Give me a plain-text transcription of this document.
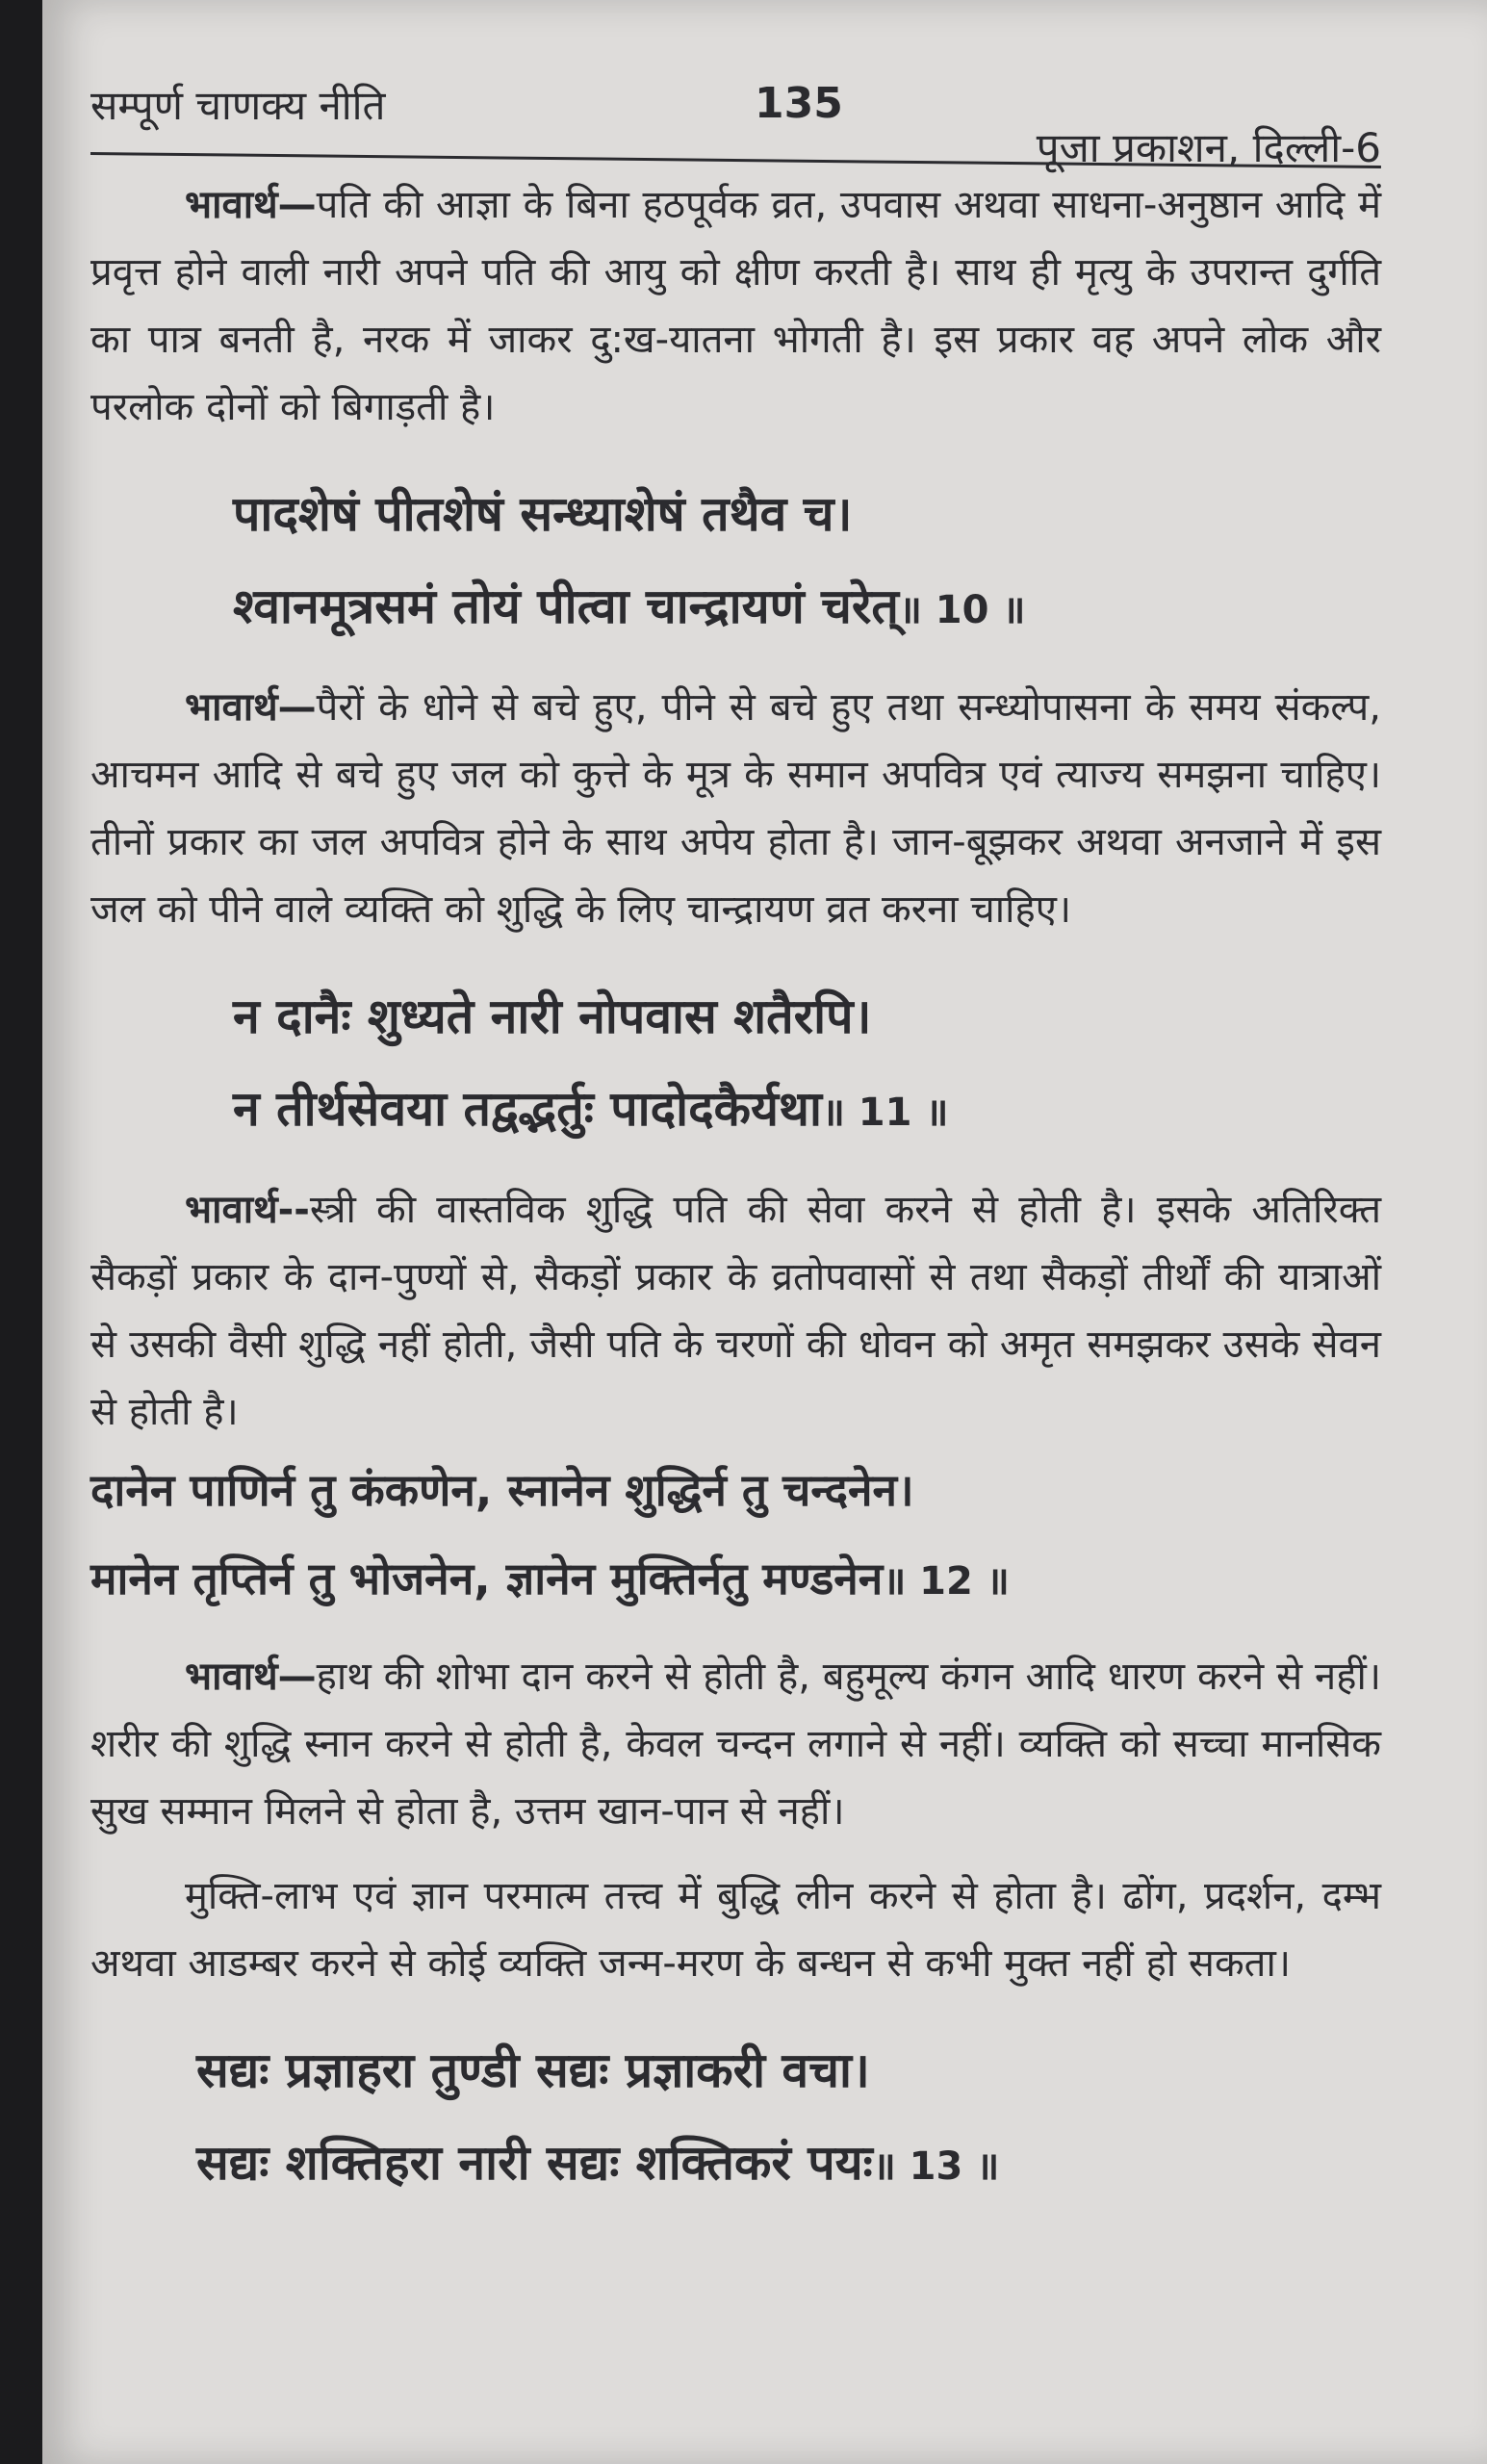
सम्पूर्ण चाणक्य नीति	135
पूजा प्रकाशन, दिल्ली-6

भावार्थ—पति की आज्ञा के बिना हठपूर्वक व्रत, उपवास अथवा साधना-अनुष्ठान आदि में प्रवृत्त होने वाली नारी अपने पति की आयु को क्षीण करती है। साथ ही मृत्यु के उपरान्त दुर्गति का पात्र बनती है, नरक में जाकर दु:ख-यातना भोगती है। इस प्रकार वह अपने लोक और परलोक दोनों को बिगाड़ती है।

पादशेषं पीतशेषं सन्ध्याशेषं तथैव च।
श्वानमूत्रसमं तोयं पीत्वा चान्द्रायणं चरेत्॥ 10 ॥

भावार्थ—पैरों के धोने से बचे हुए, पीने से बचे हुए तथा सन्ध्योपासना के समय संकल्प, आचमन आदि से बचे हुए जल को कुत्ते के मूत्र के समान अपवित्र एवं त्याज्य समझना चाहिए। तीनों प्रकार का जल अपवित्र होने के साथ अपेय होता है। जान-बूझकर अथवा अनजाने में इस जल को पीने वाले व्यक्ति को शुद्धि के लिए चान्द्रायण व्रत करना चाहिए।

न दानैः शुध्यते नारी नोपवास शतैरपि।
न तीर्थसेवया तद्वद्भर्तुः पादोदकैर्यथा॥ 11 ॥

भावार्थ--स्त्री की वास्तविक शुद्धि पति की सेवा करने से होती है। इसके अतिरिक्त सैकड़ों प्रकार के दान-पुण्यों से, सैकड़ों प्रकार के व्रतोपवासों से तथा सैकड़ों तीर्थों की यात्राओं से उसकी वैसी शुद्धि नहीं होती, जैसी पति के चरणों की धोवन को अमृत समझकर उसके सेवन से होती है।

दानेन पाणिर्न तु कंकणेन, स्नानेन शुद्धिर्न तु चन्दनेन।
मानेन तृप्तिर्न तु भोजनेन, ज्ञानेन मुक्तिर्नतु मण्डनेन॥ 12 ॥

भावार्थ—हाथ की शोभा दान करने से होती है, बहुमूल्य कंगन आदि धारण करने से नहीं। शरीर की शुद्धि स्नान करने से होती है, केवल चन्दन लगाने से नहीं। व्यक्ति को सच्चा मानसिक सुख सम्मान मिलने से होता है, उत्तम खान-पान से नहीं।

मुक्ति-लाभ एवं ज्ञान परमात्म तत्त्व में बुद्धि लीन करने से होता है। ढोंग, प्रदर्शन, दम्भ अथवा आडम्बर करने से कोई व्यक्ति जन्म-मरण के बन्धन से कभी मुक्त नहीं हो सकता।

सद्यः प्रज्ञाहरा तुण्डी सद्यः प्रज्ञाकरी वचा।
सद्यः शक्तिहरा नारी सद्यः शक्तिकरं पयः॥ 13 ॥
